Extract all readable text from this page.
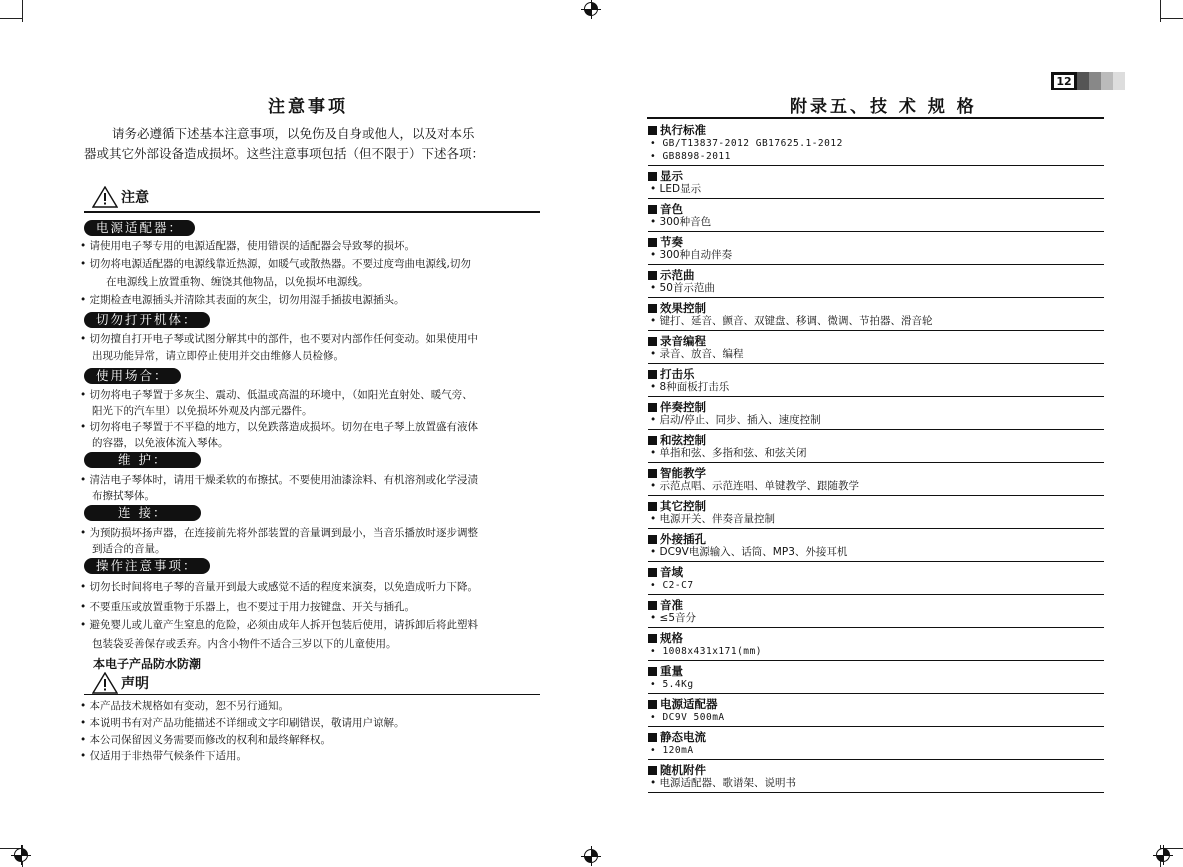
注意事项
请务必遵循下述基本注意事项，以免伤及自身或他人，以及对本乐
器或其它外部设备造成损坏。这些注意事项包括（但不限于）下述各项：
注意
电源适配器：
• 请使用电子琴专用的电源适配器，使用错误的适配器会导致琴的损坏。
• 切勿将电源适配器的电源线靠近热源，如暖气或散热器。不要过度弯曲电源线,切勿
在电源线上放置重物、缠饶其他物品，以免损坏电源线。
• 定期检查电源插头并清除其表面的灰尘，切勿用湿手插拔电源插头。
切勿打开机体：
• 切勿擅自打开电子琴或试图分解其中的部件，也不要对内部作任何变动。如果使用中
出现功能异常，请立即停止使用并交由维修人员检修。
使用场合：
• 切勿将电子琴置于多灰尘、震动、低温或高温的环境中，（如阳光直射处、暖气旁、
阳光下的汽车里）以免损坏外观及内部元器件。
• 切勿将电子琴置于不平稳的地方，以免跌落造成损坏。切勿在电子琴上放置盛有液体
的容器，以免液体流入琴体。
维 护：
• 清洁电子琴体时，请用干燥柔软的布擦拭。不要使用油漆涂料、有机溶剂或化学浸渍
布擦拭琴体。
连 接：
• 为预防损坏扬声器，在连接前先将外部装置的音量调到最小，当音乐播放时逐步调整
到适合的音量。
操作注意事项：
• 切勿长时间将电子琴的音量开到最大或感觉不适的程度来演奏，以免造成听力下降。
• 不要重压或放置重物于乐器上，也不要过于用力按键盘、开关与插孔。
• 避免婴儿或儿童产生窒息的危险，必须由成年人拆开包装后使用，请拆卸后将此塑料
包装袋妥善保存或丢弃。内含小物件不适合三岁以下的儿童使用。
本电子产品防水防潮
声明
• 本产品技术规格如有变动，恕不另行通知。
• 本说明书有对产品功能描述不详细或文字印刷错误，敬请用户谅解。
• 本公司保留因义务需要而修改的权利和最终解释权。
• 仅适用于非热带气候条件下适用。
12
附录五、技 术 规 格
执行标准
• GB/T13837-2012 GB17625.1-2012
• GB8898-2011
显示
• LED显示
音色
• 300种音色
节奏
• 300种自动伴奏
示范曲
• 50首示范曲
效果控制
• 键打、延音、颤音、双键盘、移调、微调、节拍器、滑音轮
录音编程
• 录音、放音、编程
打击乐
• 8种面板打击乐
伴奏控制
• 启动/停止、同步、插入、速度控制
和弦控制
• 单指和弦、多指和弦、和弦关闭
智能教学
• 示范点唱、示范连唱、单键教学、跟随教学
其它控制
• 电源开关、伴奏音量控制
外接插孔
• DC9V电源输入、话筒、MP3、外接耳机
音域
• C2-C7
音准
• ≤5音分
规格
• 1008x431x171(mm)
重量
• 5.4Kg
电源适配器
• DC9V 500mA
静态电流
• 120mA
随机附件
• 电源适配器、歌谱架、说明书
